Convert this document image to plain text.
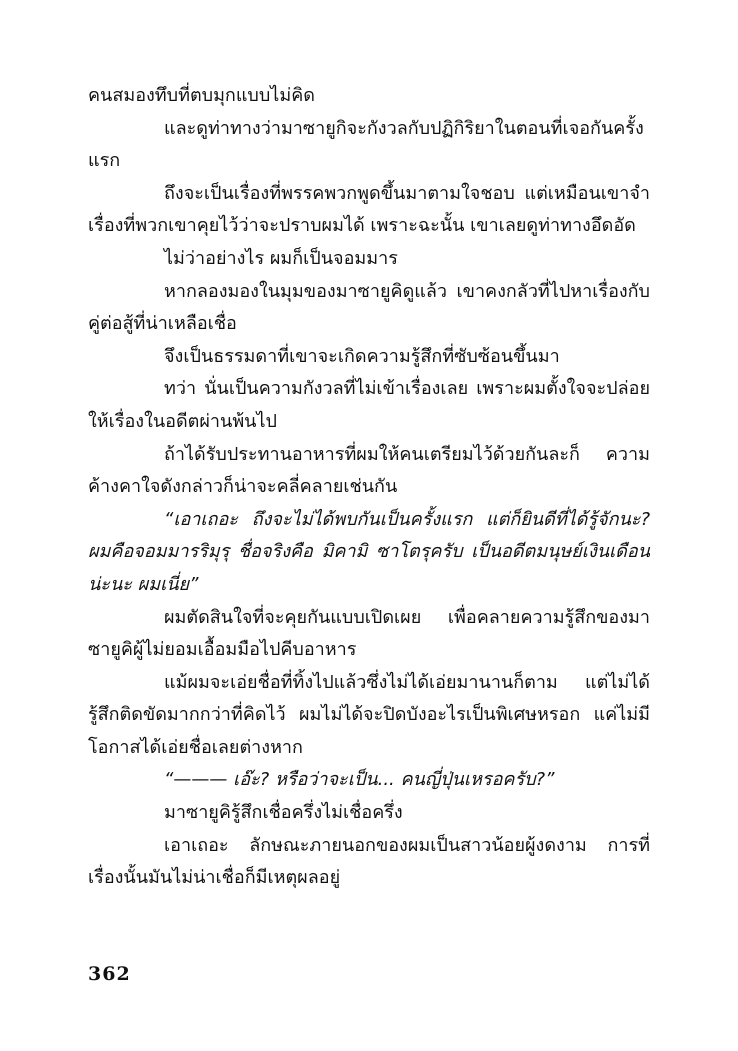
คนสมองทึบที่ตบมุกแบบไม่คิด

และดูท่าทางว่ามาซายูกิจะกังวลกับปฏิกิริยาในตอนที่เจอกันครั้งแรก

ถึงจะเป็นเรื่องที่พรรคพวกพูดขึ้นมาตามใจชอบ แต่เหมือนเขาจำเรื่องที่พวกเขาคุยไว้ว่าจะปราบผมได้ เพราะฉะนั้น เขาเลยดูท่าทางอึดอัด

ไม่ว่าอย่างไร ผมก็เป็นจอมมาร

หากลองมองในมุมของมาซายูคิดูแล้ว เขาคงกลัวที่ไปหาเรื่องกับคู่ต่อสู้ที่น่าเหลือเชื่อ

จึงเป็นธรรมดาที่เขาจะเกิดความรู้สึกที่ซับซ้อนขึ้นมา

ทว่า นั่นเป็นความกังวลที่ไม่เข้าเรื่องเลย เพราะผมตั้งใจจะปล่อยให้เรื่องในอดีตผ่านพ้นไป

ถ้าได้รับประทานอาหารที่ผมให้คนเตรียมไว้ด้วยกันละก็ ความค้างคาใจดังกล่าวก็น่าจะคลี่คลายเช่นกัน

“เอาเถอะ ถึงจะไม่ได้พบกันเป็นครั้งแรก แต่ก็ยินดีที่ได้รู้จักนะ? ผมคือจอมมารริมุรุ ชื่อจริงคือ มิคามิ ซาโตรุครับ เป็นอดีตมนุษย์เงินเดือนน่ะนะ ผมเนี่ย”

ผมตัดสินใจที่จะคุยกันแบบเปิดเผย เพื่อคลายความรู้สึกของมาซายูคิผู้ไม่ยอมเอื้อมมือไปคีบอาหาร

แม้ผมจะเอ่ยชื่อที่ทิ้งไปแล้วซึ่งไม่ได้เอ่ยมานานก็ตาม แต่ไม่ได้รู้สึกติดขัดมากกว่าที่คิดไว้ ผมไม่ได้จะปิดบังอะไรเป็นพิเศษหรอก แค่ไม่มีโอกาสได้เอ่ยชื่อเลยต่างหาก

“——— เอ๊ะ? หรือว่าจะเป็น... คนญี่ปุ่นเหรอครับ?”

มาซายูคิรู้สึกเชื่อครึ่งไม่เชื่อครึ่ง

เอาเถอะ ลักษณะภายนอกของผมเป็นสาวน้อยผู้งดงาม การที่เรื่องนั้นมันไม่น่าเชื่อก็มีเหตุผลอยู่

362
